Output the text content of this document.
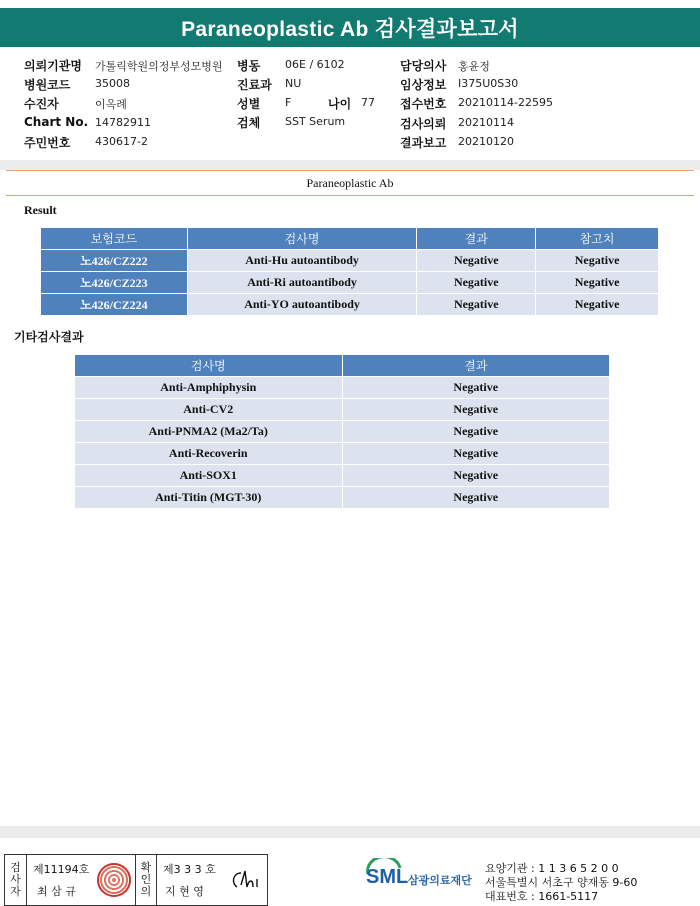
Paraneoplastic Ab 검사결과보고서
의뢰기관명 가톨릭학원의정부성모병원 병동 06E / 6102	담당의사 홍윤정
병원코드 35008	진료과 NU	임상정보 I375U0S30
수진자	이옥례	성별 F	나이 77 접수번호 20210114-22595
Chart No. 14782911	검체 SST Serum	검사의뢰 20210114
주민번호 430617-2	결과보고 20210120
Paraneoplastic Ab
Result
보험코드	검사명	결과	참고치
노426/CZ222	Anti-Hu autoantibody	Negative	Negative
노426/CZ223	Anti-Ri autoantibody	Negative	Negative
노426/CZ224	Anti-YO autoantibody	Negative	Negative
기타검사결과
검사명	결과
Anti-Amphiphysin	Negative
Anti-CV2	Negative
Anti-PNMA2 (Ma2/Ta)	Negative
Anti-Recoverin	Negative
Anti-SOX1	Negative
Anti-Titin (MGT-30)	Negative
검
사
자
제11194호
최 삼 규
확
인
의
제3 3 3 호
지 현 영
SML 삼광의료재단
요양기관 : 1 1 3 6 5 2 0 0
서울특별시 서초구 양재동 9-60
대표번호 : 1661-5117
